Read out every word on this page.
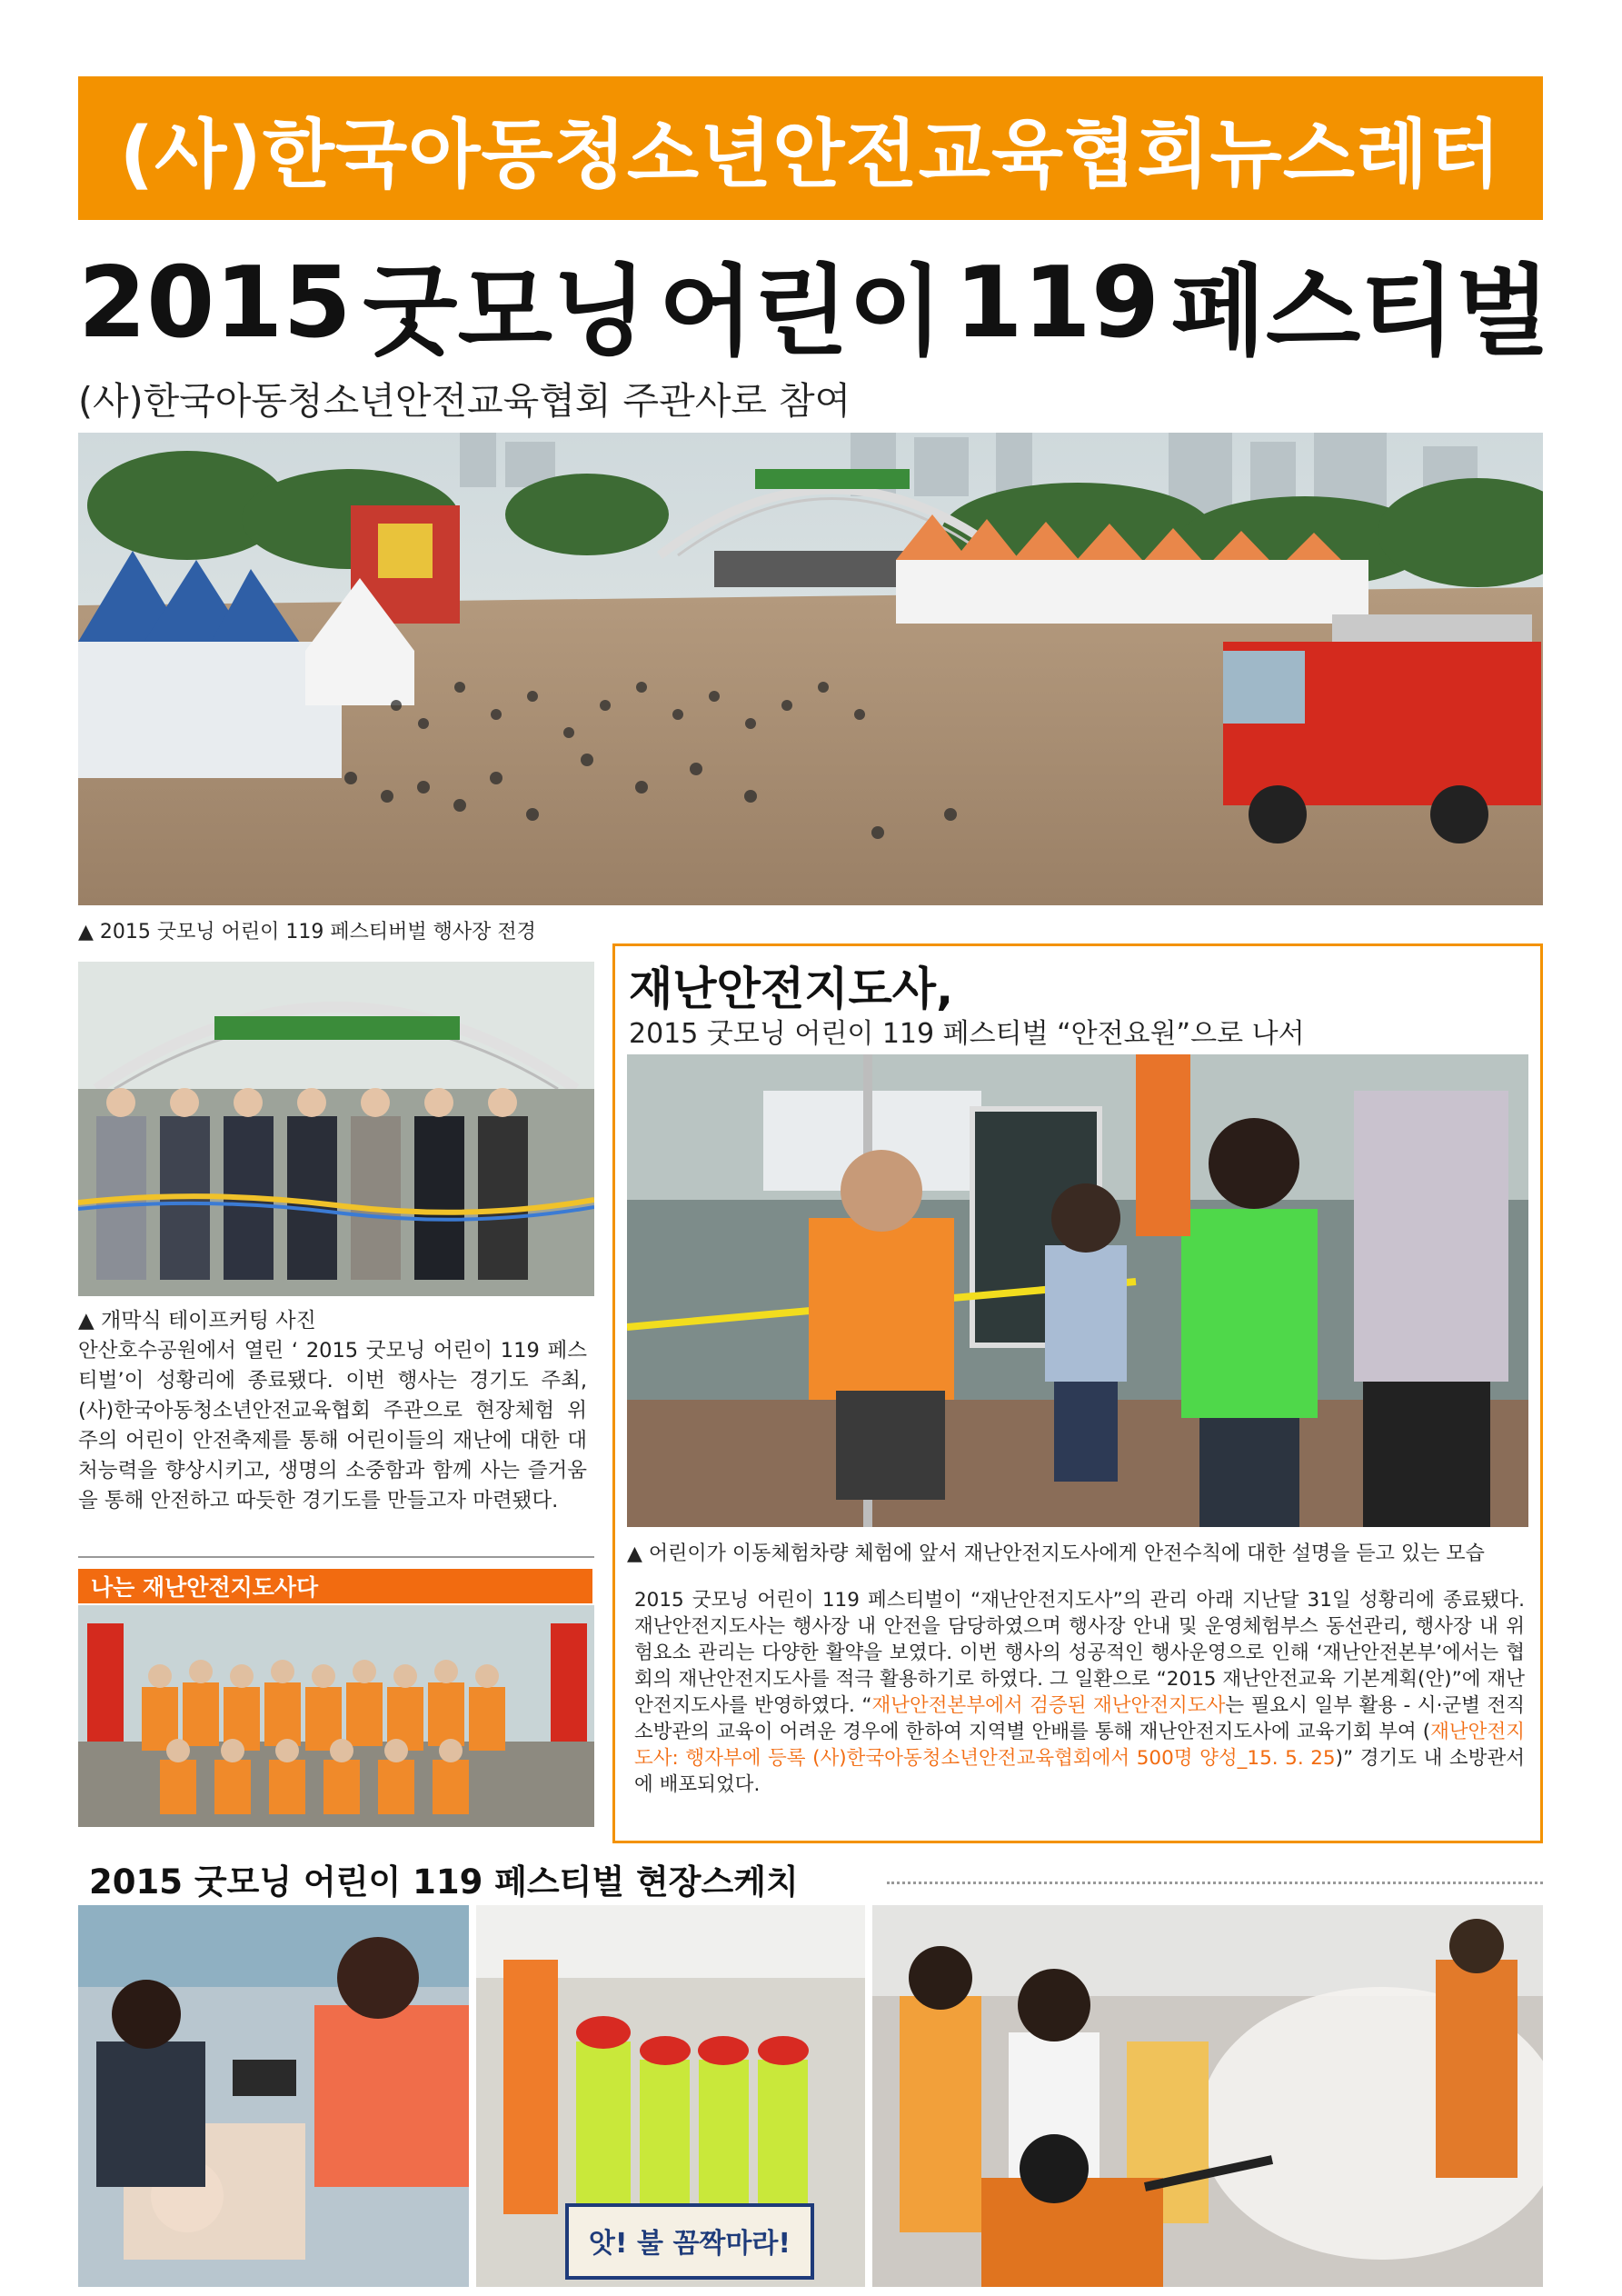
(사)한국아동청소년안전교육협회뉴스레터
2015 굿모닝 어린이 119 페스티벌
(사)한국아동청소년안전교육협회 주관사로 참여
▲ 2015 굿모닝 어린이 119 페스티버벌 행사장 전경
▲ 개막식 테이프커팅 사진
안산호수공원에서 열린 ‘ 2015 굿모닝 어린이 119 페스티벌’이 성황리에 종료됐다. 이번 행사는 경기도 주최, (사)한국아동청소년안전교육협회 주관으로 현장체험 위주의 어린이 안전축제를 통해 어린이들의 재난에 대한 대처능력을 향상시키고, 생명의 소중함과 함께 사는 즐거움을 통해 안전하고 따듯한 경기도를 만들고자 마련됐다.
나는 재난안전지도사다
재난안전지도사,
2015 굿모닝 어린이 119 페스티벌 “안전요원”으로 나서
▲ 어린이가 이동체험차량 체험에 앞서 재난안전지도사에게 안전수칙에 대한 설명을 듣고 있는 모습
2015 굿모닝 어린이 119 페스티벌이 “재난안전지도사”의 관리 아래 지난달 31일 성황리에 종료됐다. 재난안전지도사는 행사장 내 안전을 담당하였으며 행사장 안내 및 운영체험부스 동선관리, 행사장 내 위험요소 관리는 다양한 활약을 보였다. 이번 행사의 성공적인 행사운영으로 인해 ‘재난안전본부’에서는 협회의 재난안전지도사를 적극 활용하기로 하였다. 그 일환으로 “2015 재난안전교육 기본계획(안)”에 재난안전지도사를 반영하였다. “재난안전본부에서 검증된 재난안전지도사는 필요시 일부 활용 - 시·군별 전직 소방관의 교육이 어려운 경우에 한하여 지역별 안배를 통해 재난안전지도사에 교육기회 부여 (재난안전지도사: 행자부에 등록 (사)한국아동청소년안전교육협회에서 500명 양성_15. 5. 25)” 경기도 내 소방관서에 배포되었다.
2015 굿모닝 어린이 119 페스티벌 현장스케치
앗! 불 꼼짝마라!
